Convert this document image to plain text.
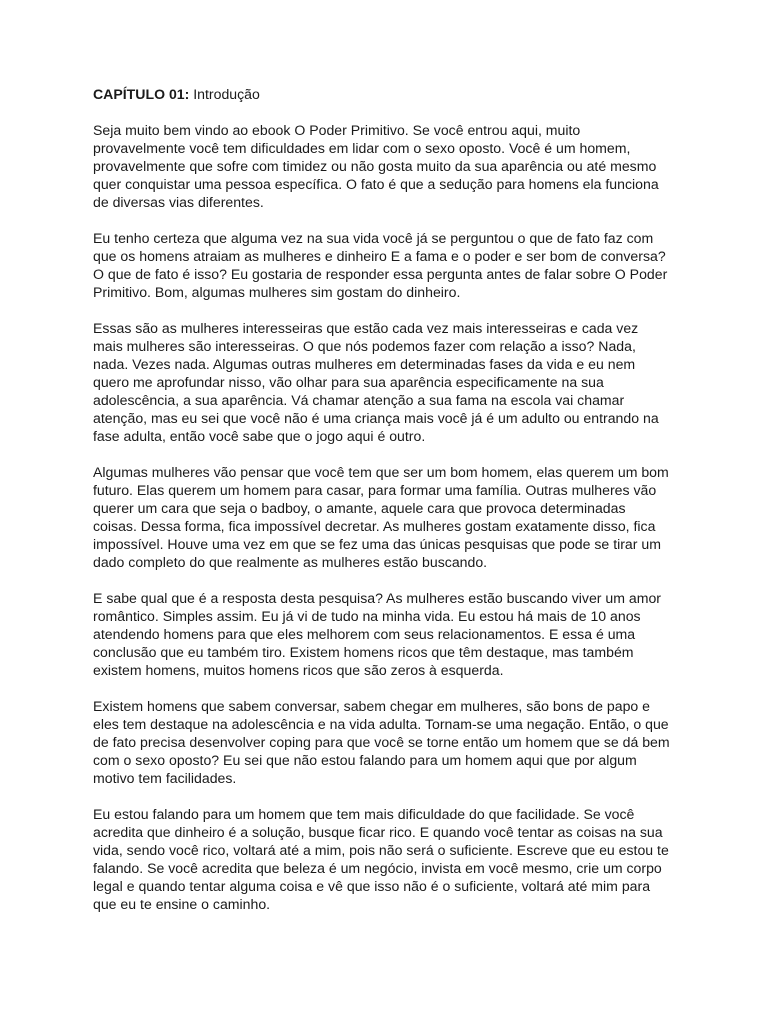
CAPÍTULO 01: Introdução

Seja muito bem vindo ao ebook O Poder Primitivo. Se você entrou aqui, muito
provavelmente você tem dificuldades em lidar com o sexo oposto. Você é um homem,
provavelmente que sofre com timidez ou não gosta muito da sua aparência ou até mesmo
quer conquistar uma pessoa específica. O fato é que a sedução para homens ela funciona
de diversas vias diferentes.

Eu tenho certeza que alguma vez na sua vida você já se perguntou o que de fato faz com
que os homens atraiam as mulheres e dinheiro E a fama e o poder e ser bom de conversa?
O que de fato é isso? Eu gostaria de responder essa pergunta antes de falar sobre O Poder
Primitivo. Bom, algumas mulheres sim gostam do dinheiro.

Essas são as mulheres interesseiras que estão cada vez mais interesseiras e cada vez
mais mulheres são interesseiras. O que nós podemos fazer com relação a isso? Nada,
nada. Vezes nada. Algumas outras mulheres em determinadas fases da vida e eu nem
quero me aprofundar nisso, vão olhar para sua aparência especificamente na sua
adolescência, a sua aparência. Vá chamar atenção a sua fama na escola vai chamar
atenção, mas eu sei que você não é uma criança mais você já é um adulto ou entrando na
fase adulta, então você sabe que o jogo aqui é outro.

Algumas mulheres vão pensar que você tem que ser um bom homem, elas querem um bom
futuro. Elas querem um homem para casar, para formar uma família. Outras mulheres vão
querer um cara que seja o badboy, o amante, aquele cara que provoca determinadas
coisas. Dessa forma, fica impossível decretar. As mulheres gostam exatamente disso, fica
impossível. Houve uma vez em que se fez uma das únicas pesquisas que pode se tirar um
dado completo do que realmente as mulheres estão buscando.

E sabe qual que é a resposta desta pesquisa? As mulheres estão buscando viver um amor
romântico. Simples assim. Eu já vi de tudo na minha vida. Eu estou há mais de 10 anos
atendendo homens para que eles melhorem com seus relacionamentos. E essa é uma
conclusão que eu também tiro. Existem homens ricos que têm destaque, mas também
existem homens, muitos homens ricos que são zeros à esquerda.

Existem homens que sabem conversar, sabem chegar em mulheres, são bons de papo e
eles tem destaque na adolescência e na vida adulta. Tornam-se uma negação. Então, o que
de fato precisa desenvolver coping para que você se torne então um homem que se dá bem
com o sexo oposto? Eu sei que não estou falando para um homem aqui que por algum
motivo tem facilidades.

Eu estou falando para um homem que tem mais dificuldade do que facilidade. Se você
acredita que dinheiro é a solução, busque ficar rico. E quando você tentar as coisas na sua
vida, sendo você rico, voltará até a mim, pois não será o suficiente. Escreve que eu estou te
falando. Se você acredita que beleza é um negócio, invista em você mesmo, crie um corpo
legal e quando tentar alguma coisa e vê que isso não é o suficiente, voltará até mim para
que eu te ensine o caminho.
